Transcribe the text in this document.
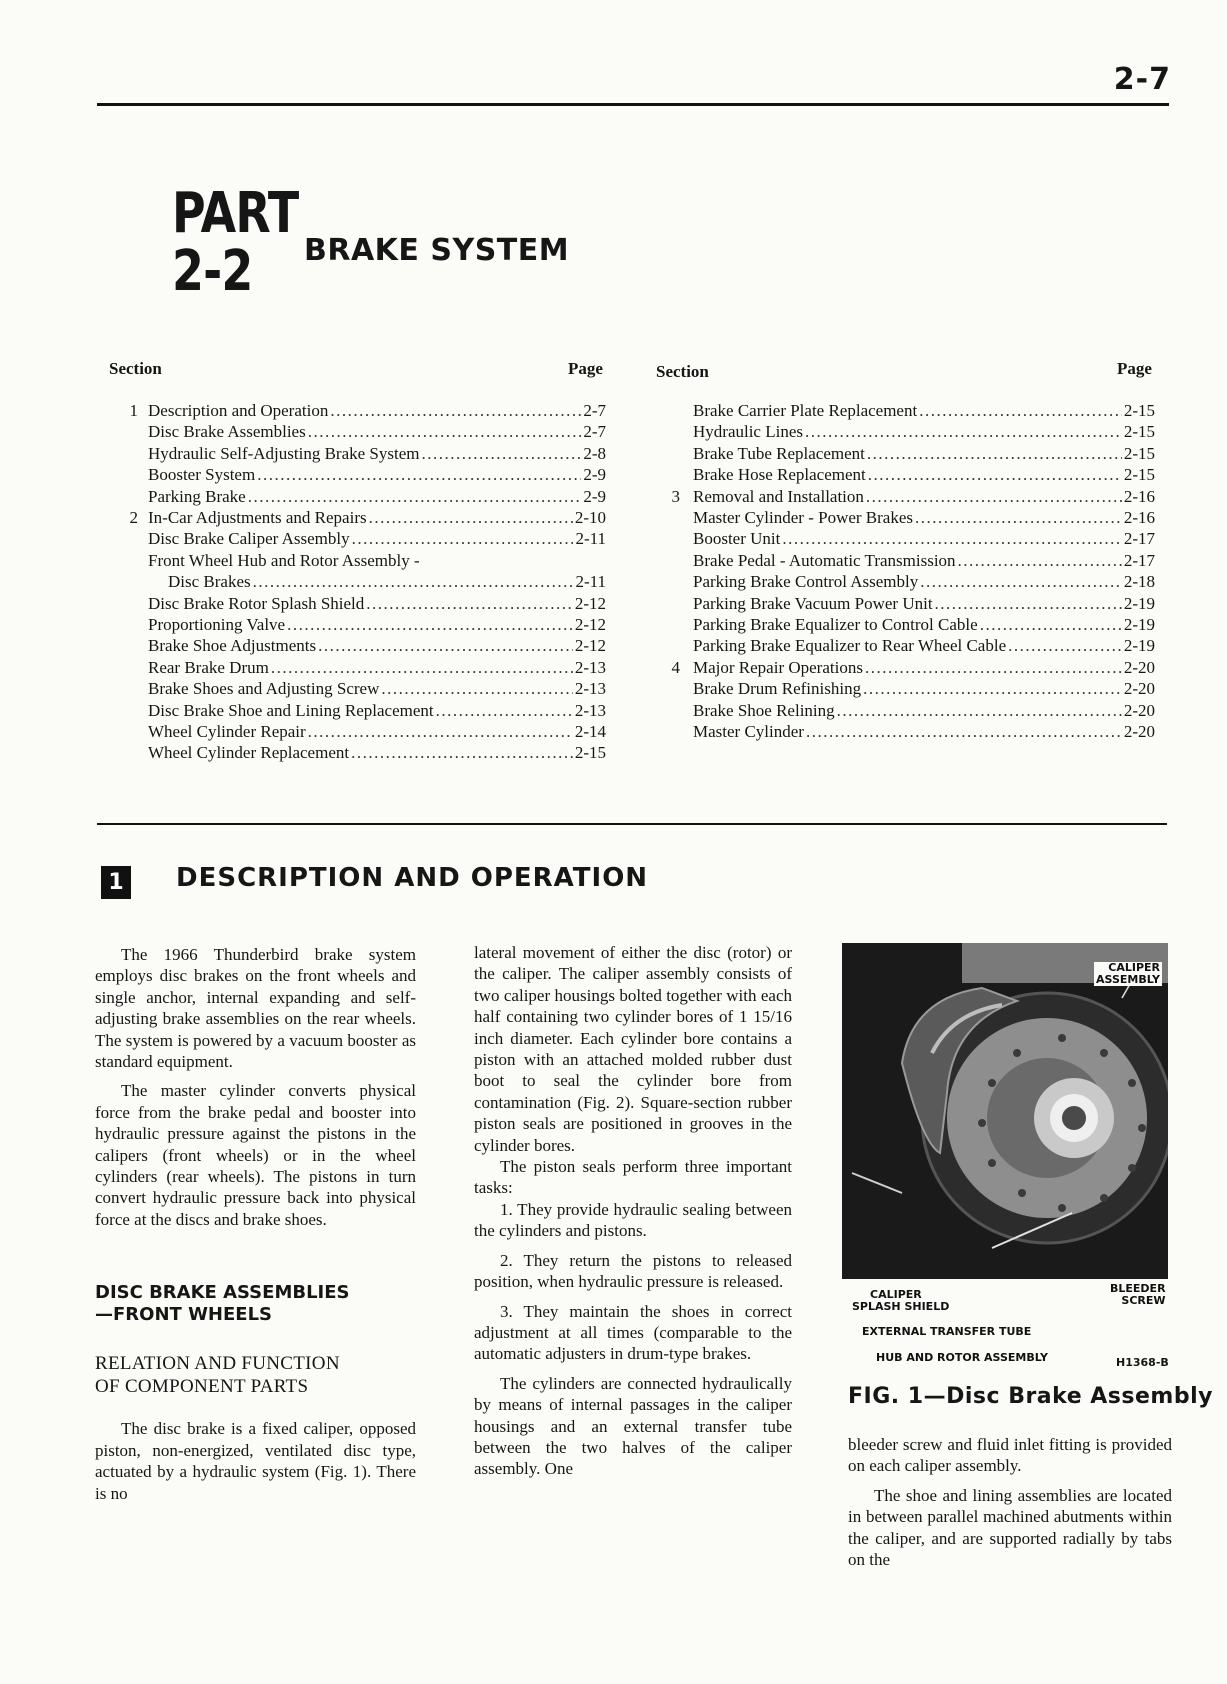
2-7
PART
2-2	BRAKE SYSTEM
Section	Page	Section	Page
1 Description and Operation .....	2-7
Disc Brake Assemblies .....	2-7
Hydraulic Self-Adjusting Brake System .....	2-8
Booster System .....	2-9
Parking Brake .....	2-9
2 In-Car Adjustments and Repairs .....	2-10
Disc Brake Caliper Assembly .....	2-11
Front Wheel Hub and Rotor Assembly -
Disc Brakes .....	2-11
Disc Brake Rotor Splash Shield .....	2-12
Proportioning Valve .....	2-12
Brake Shoe Adjustments .....	2-12
Rear Brake Drum .....	2-13
Brake Shoes and Adjusting Screw .....	2-13
Disc Brake Shoe and Lining Replacement .....	2-13
Wheel Cylinder Repair .....	2-14
Wheel Cylinder Replacement .....	2-15
Brake Carrier Plate Replacement .....	2-15
Hydraulic Lines .....	2-15
Brake Tube Replacement .....	2-15
Brake Hose Replacement .....	2-15
3 Removal and Installation .....	2-16
Master Cylinder - Power Brakes .....	2-16
Booster Unit .....	2-17
Brake Pedal - Automatic Transmission .....	2-17
Parking Brake Control Assembly .....	2-18
Parking Brake Vacuum Power Unit .....	2-19
Parking Brake Equalizer to Control Cable .....	2-19
Parking Brake Equalizer to Rear Wheel Cable .....	2-19
4 Major Repair Operations .....	2-20
Brake Drum Refinishing .....	2-20
Brake Shoe Relining .....	2-20
Master Cylinder .....	2-20
1 DESCRIPTION AND OPERATION

The 1966 Thunderbird brake system employs disc brakes on the front wheels and single anchor, internal expanding and self-adjusting brake assemblies on the rear wheels. The system is powered by a vacuum booster as standard equipment.

The master cylinder converts physical force from the brake pedal and booster into hydraulic pressure against the pistons in the calipers (front wheels) or in the wheel cylinders (rear wheels). The pistons in turn convert hydraulic pressure back into physical force at the discs and brake shoes.

DISC BRAKE ASSEMBLIES
—FRONT WHEELS
RELATION AND FUNCTION
OF COMPONENT PARTS

The disc brake is a fixed caliper, opposed piston, non-energized, ventilated disc type, actuated by a hydraulic system (Fig. 1). There is no

lateral movement of either the disc (rotor) or the caliper. The caliper assembly consists of two caliper housings bolted together with each half containing two cylinder bores of 1 15/16 inch diameter. Each cylinder bore contains a piston with an attached molded rubber dust boot to seal the cylinder bore from contamination (Fig. 2). Square-section rubber piston seals are positioned in grooves in the cylinder bores.

The piston seals perform three important tasks:

1. They provide hydraulic sealing between the cylinders and pistons.

2. They return the pistons to released position, when hydraulic pressure is released.

3. They maintain the shoes in correct adjustment at all times (comparable to the automatic adjusters in drum-type brakes.

The cylinders are connected hydraulically by means of internal passages in the caliper housings and an external transfer tube between the two halves of the caliper assembly. One

CALIPER
ASSEMBLY
CALIPER
SPLASH SHIELD
BLEEDER
SCREW
EXTERNAL TRANSFER TUBE
HUB AND ROTOR ASSEMBLY	H1368-B
FIG. 1—Disc Brake Assembly

bleeder screw and fluid inlet fitting is provided on each caliper assembly.

The shoe and lining assemblies are located in between parallel machined abutments within the caliper, and are supported radially by tabs on the
